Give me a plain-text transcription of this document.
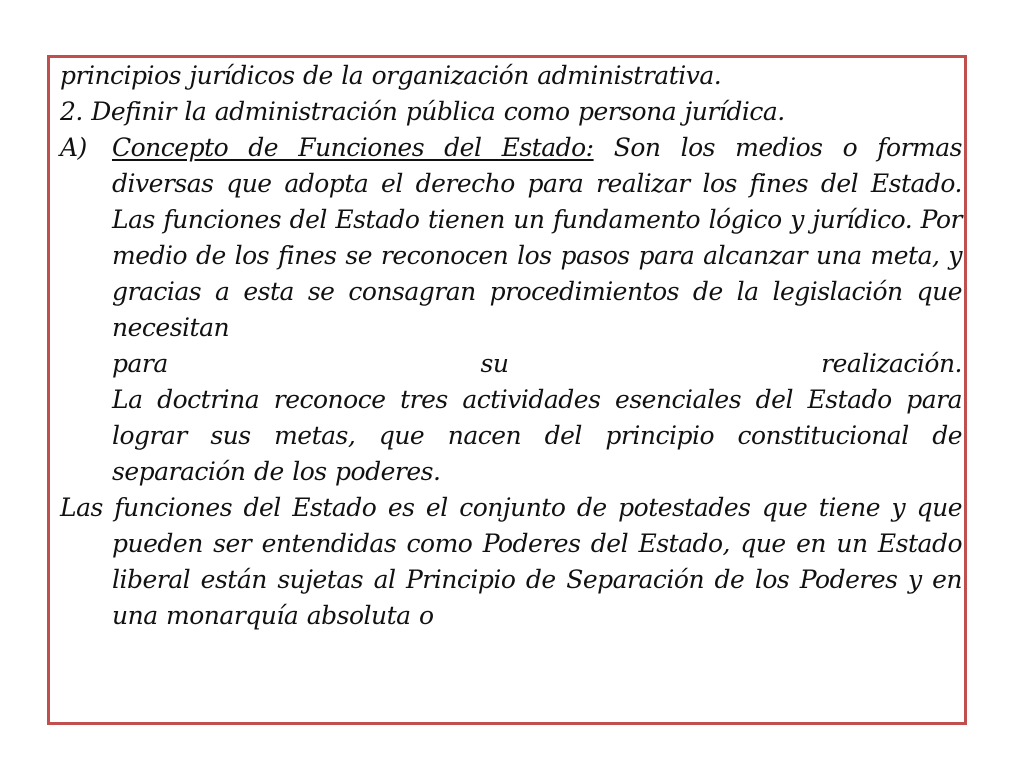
principios jurídicos de la organización administrativa.

2. Definir la administración pública como persona jurídica.

A)	Concepto de Funciones del Estado: Son los medios o formas diversas que adopta el derecho para realizar los fines del Estado. Las funciones del Estado tienen un fundamento lógico y jurídico. Por medio de los fines se reconocen los pasos para alcanzar una meta, y gracias a esta se consagran procedimientos de la legislación que necesitan
para su realización.
La doctrina reconoce tres actividades esenciales del Estado para lograr sus metas, que nacen del principio constitucional de separación de los poderes.

Las funciones del Estado es el conjunto de potestades que tiene y que pueden ser entendidas como Poderes del Estado, que en un Estado liberal están sujetas al Principio de Separación de los Poderes y en una monarquía absoluta o
